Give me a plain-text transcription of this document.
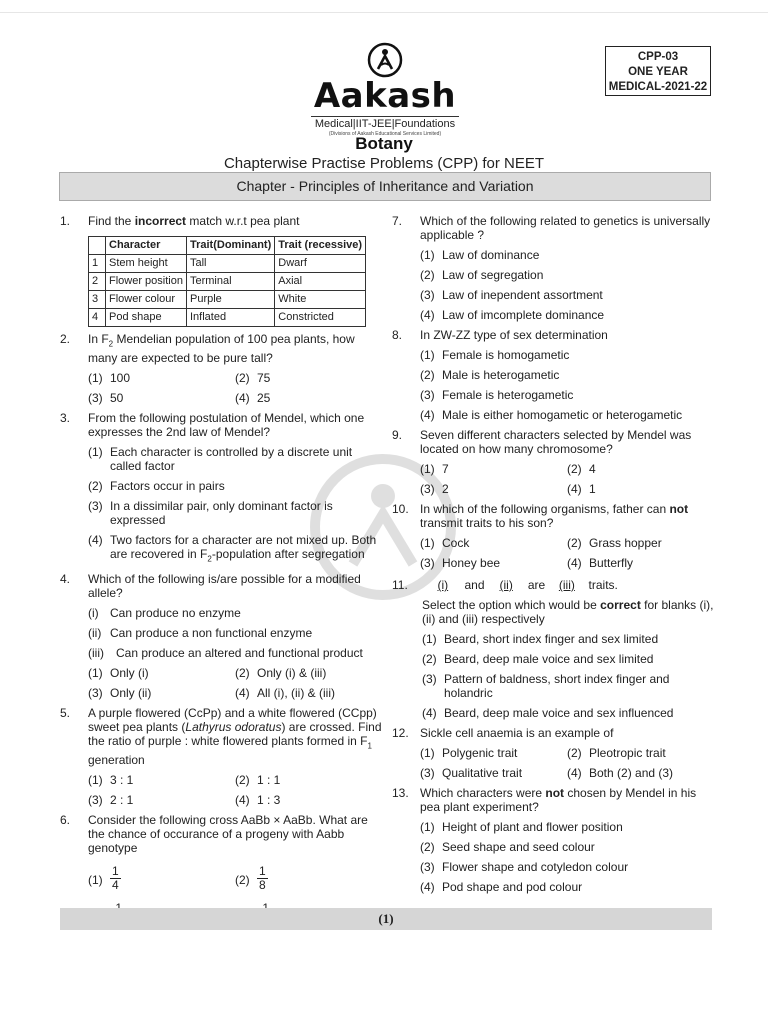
Aakash
Medical|IIT-JEE|Foundations
(Divisions of Aakash Educational Services Limited)
CPP-03
ONE YEAR
MEDICAL-2021-22
Botany
Chapterwise Practise Problems (CPP) for NEET
Chapter - Principles of Inheritance and Variation
1. Find the incorrect match w.r.t pea plant
	Character	Trait(Dominant)	Trait (recessive)
1	Stem height	Tall	Dwarf
2	Flower position	Terminal	Axial
3	Flower colour	Purple	White
4	Pod shape	Inflated	Constricted
2. In $F_2$ Mendelian population of 100 pea plants, how many are expected to be pure tall?
(1) 100	(2) 75
(3) 50	(4) 25
3. From the following postulation of Mendel, which one expresses the 2nd law of Mendel?
(1) Each character is controlled by a discrete unit called factor
(2) Factors occur in pairs
(3) In a dissimilar pair, only dominant factor is expressed
(4) Two factors for a character are not mixed up. Both are recovered in $F_2$-population after segregation
4. Which of the following is/are possible for a modified allele?
(i) Can produce no enzyme
(ii) Can produce a non functional enzyme
(iii) Can produce an altered and functional product
(1) Only (i)	(2) Only (i) & (iii)
(3) Only (ii)	(4) All (i), (ii) & (iii)
5. A purple flowered (CcPp) and a white flowered (CCpp) sweet pea plants (Lathyrus odoratus) are crossed. Find the ratio of purple : white flowered plants formed in $F_1$ generation
(1) 3 : 1	(2) 1 : 1
(3) 2 : 1	(4) 1 : 3
6. Consider the following cross AaBb × AaBb. What are the chance of occurance of a progeny with Aabb genotype
$(1) \frac{1}{4}$	$(2) \frac{1}{8}$
7. Which of the following related to genetics is universally applicable ?
(1) Law of dominance
(2) Law of segregation
(3) Law of inependent assortment
(4) Law of imcomplete dominance
8. In ZW-ZZ type of sex determination
(1) Female is homogametic
(2) Male is heterogametic
(3) Female is heterogametic
(4) Male is either homogametic or heterogametic
9. Seven different characters selected by Mendel was located on how many chromosome?
(1) 7	(2) 4
(3) 2	(4) 1
10. In which of the following organisms, father can not transmit traits to his son?
(1) Cock	(2) Grass hopper
(3) Honey bee	(4) Butterfly
11. (i) and (ii) are (iii) traits.
Select the option which would be correct for blanks (i), (ii) and (iii) respectively
(1) Beard, short index finger and sex limited
(2) Beard, deep male voice and sex limited
(3) Pattern of baldness, short index finger and holandric
(4) Beard, deep male voice and sex influenced
12. Sickle cell anaemia is an example of
(1) Polygenic trait	(2) Pleotropic trait
(3) Qualitative trait	(4) Both (2) and (3)
13. Which characters were not chosen by Mendel in his pea plant experiment?
(1) Height of plant and flower position
(2) Seed shape and seed colour
(3) Flower shape and cotyledon colour
(4) Pod shape and pod colour
(1)
